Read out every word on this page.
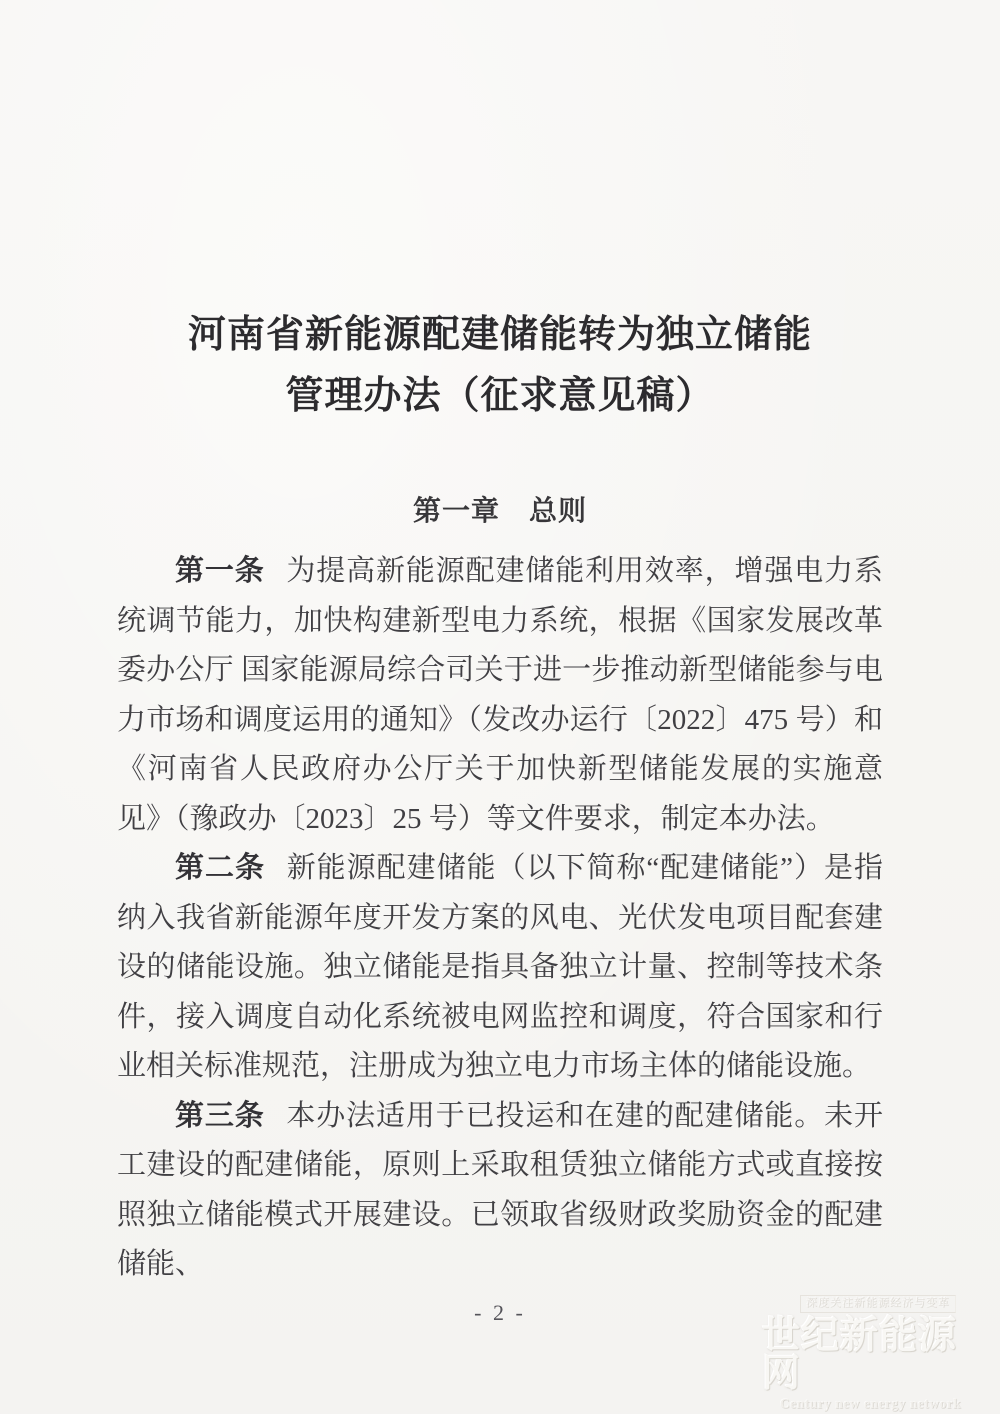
河南省新能源配建储能转为独立储能
管理办法（征求意见稿）
第一章　总则

第一条 为提高新能源配建储能利用效率，增强电力系统调节能力，加快构建新型电力系统，根据《国家发展改革委办公厅 国家能源局综合司关于进一步推动新型储能参与电力市场和调度运用的通知》（发改办运行〔2022〕475 号）和《河南省人民政府办公厅关于加快新型储能发展的实施意见》（豫政办〔2023〕25 号）等文件要求，制定本办法。

第二条 新能源配建储能（以下简称“配建储能”）是指纳入我省新能源年度开发方案的风电、光伏发电项目配套建设的储能设施。独立储能是指具备独立计量、控制等技术条件，接入调度自动化系统被电网监控和调度，符合国家和行业相关标准规范，注册成为独立电力市场主体的储能设施。

第三条 本办法适用于已投运和在建的配建储能。未开工建设的配建储能，原则上采取租赁独立储能方式或直接按照独立储能模式开展建设。已领取省级财政奖励资金的配建储能、

- 2 -	深度关注新能源经济与变革
世纪新能源网
Century new energy network
